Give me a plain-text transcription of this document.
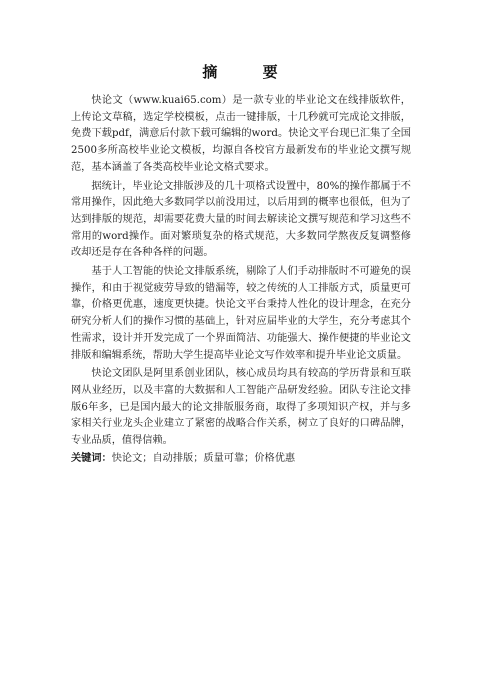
摘 要

快论文（www.kuai65.com）是一款专业的毕业论文在线排版软件，上传论文草稿，选定学校模板，点击一键排版，十几秒就可完成论文排版，免费下载pdf，满意后付款下载可编辑的word。快论文平台现已汇集了全国2500多所高校毕业论文模板，均源自各校官方最新发布的毕业论文撰写规范，基本涵盖了各类高校毕业论文格式要求。

据统计，毕业论文排版涉及的几十项格式设置中，80%的操作都属于不常用操作，因此绝大多数同学以前没用过，以后用到的概率也很低，但为了达到排版的规范，却需要花费大量的时间去解读论文撰写规范和学习这些不常用的word操作。面对繁琐复杂的格式规范，大多数同学熬夜反复调整修改却还是存在各种各样的问题。

基于人工智能的快论文排版系统，剔除了人们手动排版时不可避免的误操作，和由于视觉疲劳导致的错漏等，较之传统的人工排版方式，质量更可靠，价格更优惠，速度更快捷。快论文平台秉持人性化的设计理念，在充分研究分析人们的操作习惯的基础上，针对应届毕业的大学生，充分考虑其个性需求，设计并开发完成了一个界面简洁、功能强大、操作便捷的毕业论文排版和编辑系统，帮助大学生提高毕业论文写作效率和提升毕业论文质量。

快论文团队是阿里系创业团队，核心成员均具有较高的学历背景和互联网从业经历，以及丰富的大数据和人工智能产品研发经验。团队专注论文排版6年多，已是国内最大的论文排版服务商，取得了多项知识产权，并与多家相关行业龙头企业建立了紧密的战略合作关系，树立了良好的口碑品牌，专业品质，值得信赖。

关键词：快论文；自动排版；质量可靠；价格优惠
